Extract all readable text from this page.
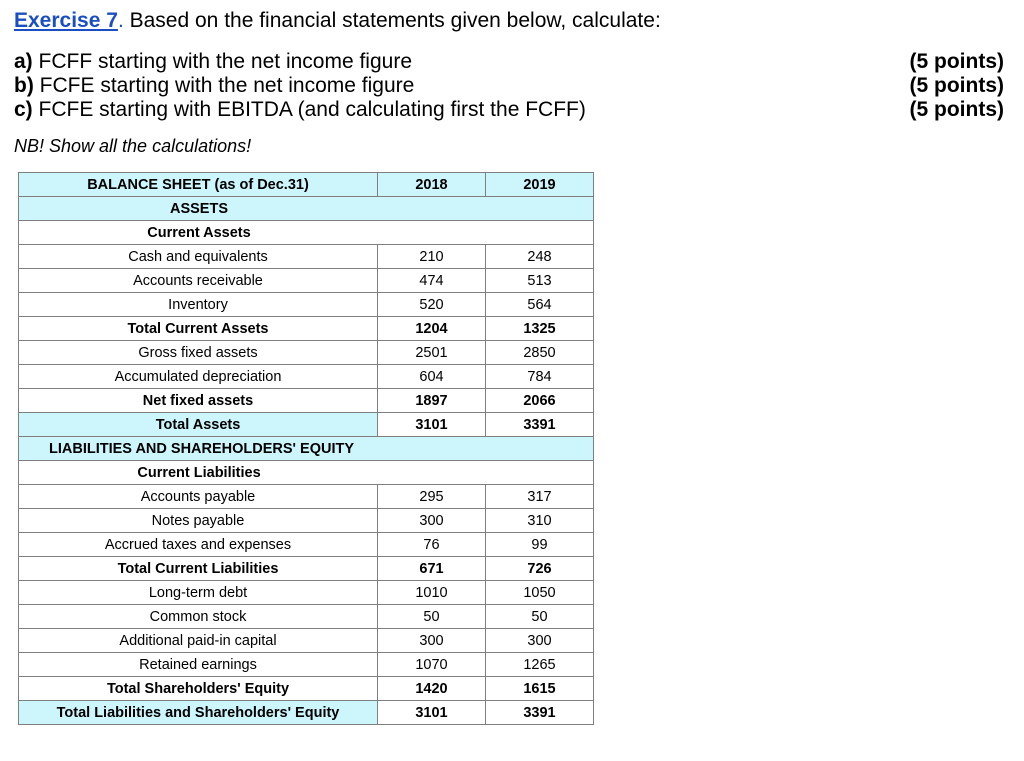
Exercise 7. Based on the financial statements given below, calculate:
a) FCFF starting with the net income figure	(5 points)
b) FCFE starting with the net income figure	(5 points)
c) FCFE starting with EBITDA (and calculating first the FCFF)	(5 points)
NB! Show all the calculations!
BALANCE SHEET (as of Dec.31)	2018	2019
ASSETS		
Current Assets		
Cash and equivalents	210	248
Accounts receivable	474	513
Inventory	520	564
Total Current Assets	1204	1325
Gross fixed assets	2501	2850
Accumulated depreciation	604	784
Net fixed assets	1897	2066
Total Assets	3101	3391
LIABILITIES AND SHAREHOLDERS' EQUITY		
Current Liabilities		
Accounts payable	295	317
Notes payable	300	310
Accrued taxes and expenses	76	99
Total Current Liabilities	671	726
Long-term debt	1010	1050
Common stock	50	50
Additional paid-in capital	300	300
Retained earnings	1070	1265
Total Shareholders' Equity	1420	1615
Total Liabilities and Shareholders' Equity	3101	3391
